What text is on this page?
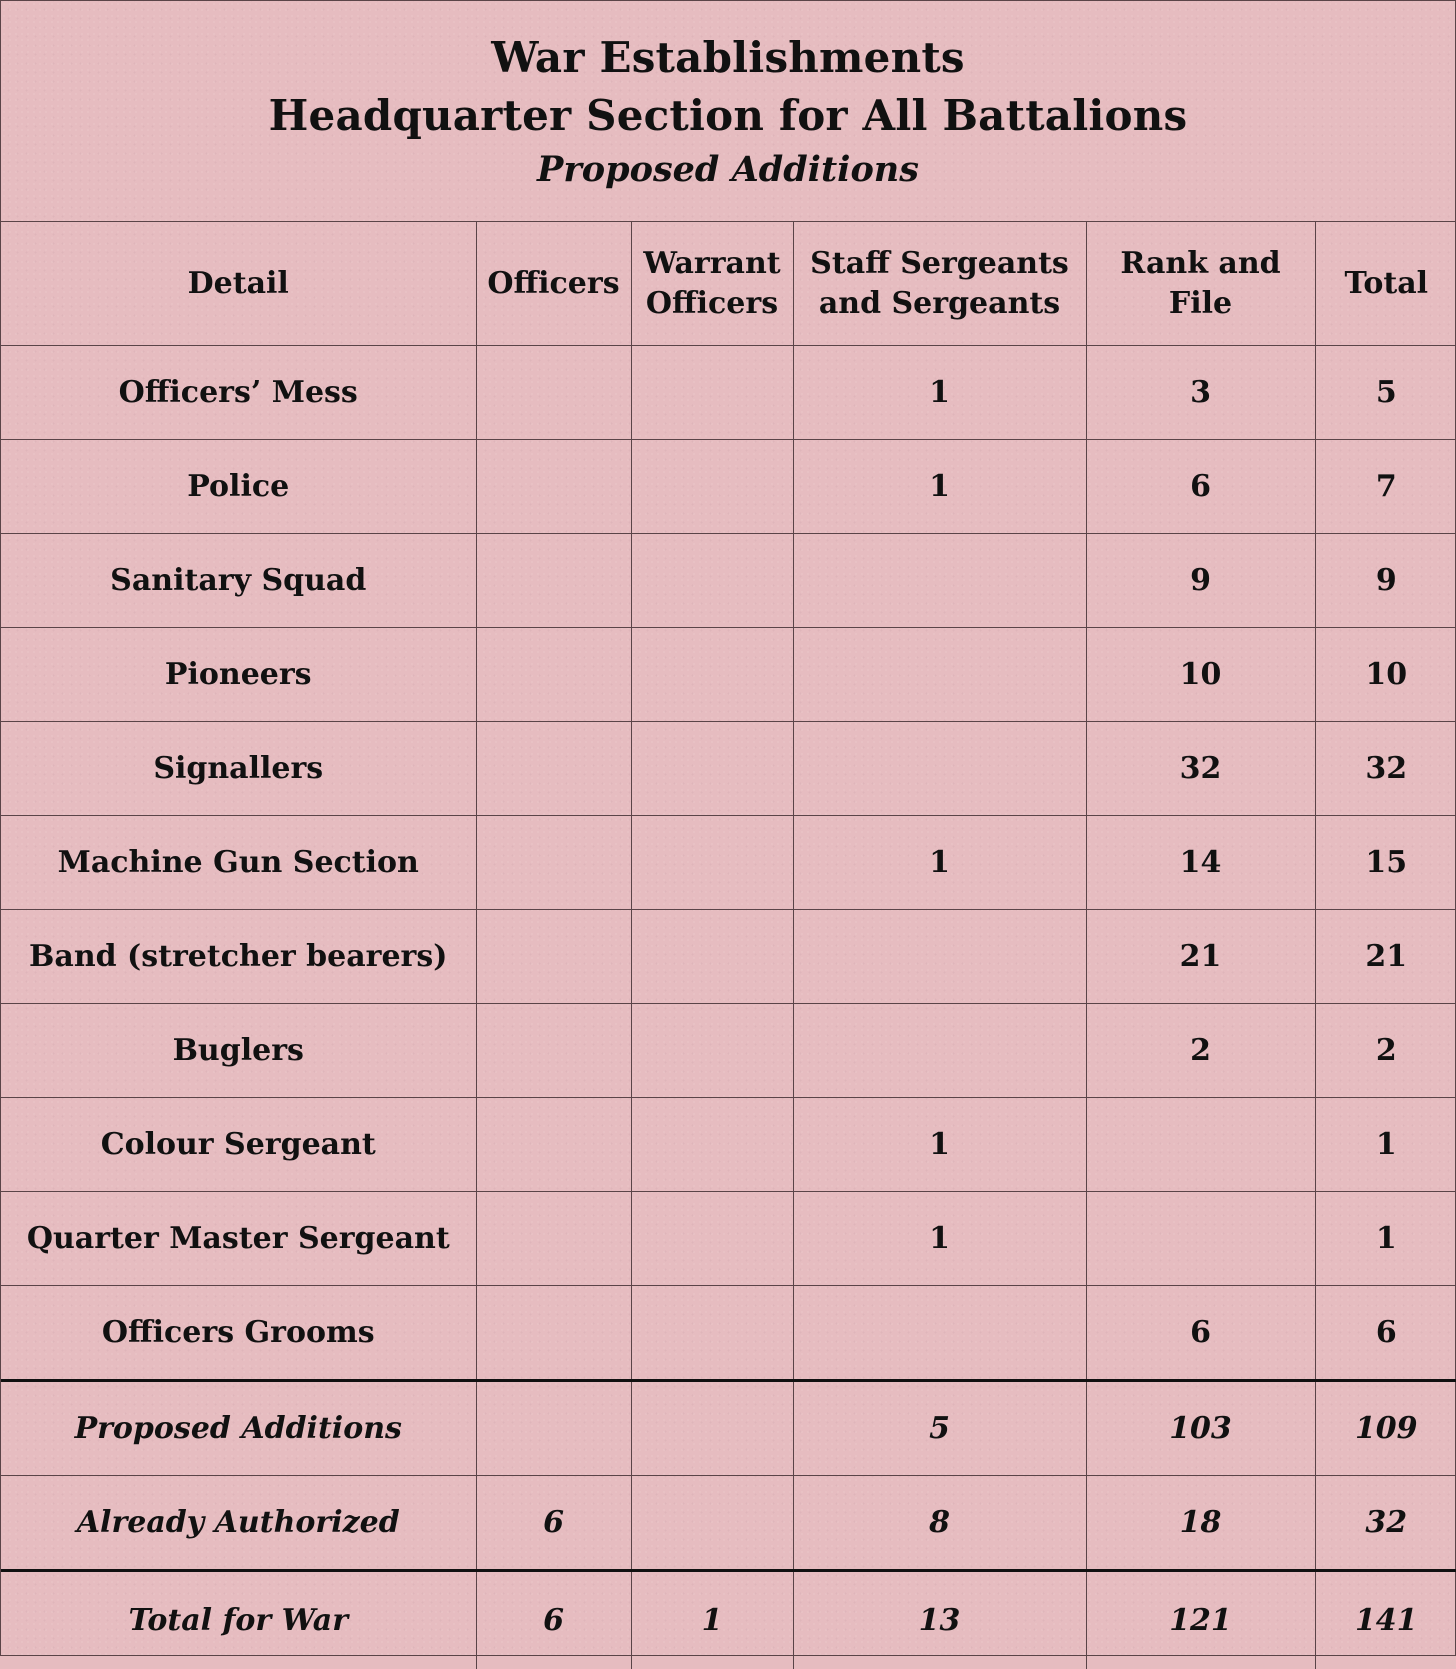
War Establishments
Headquarter Section for All Battalions
Proposed Additions
Detail	Officers	Warrant Officers	Staff Sergeants and Sergeants	Rank and File	Total
Officers’ Mess			1	3	5
Police			1	6	7
Sanitary Squad				9	9
Pioneers				10	10
Signallers				32	32
Machine Gun Section			1	14	15
Band (stretcher bearers)				21	21
Buglers				2	2
Colour Sergeant			1		1
Quarter Master Sergeant			1		1
Officers Grooms				6	6
Proposed Additions			5	103	109
Already Authorized	6		8	18	32
Total for War	6	1	13	121	141
